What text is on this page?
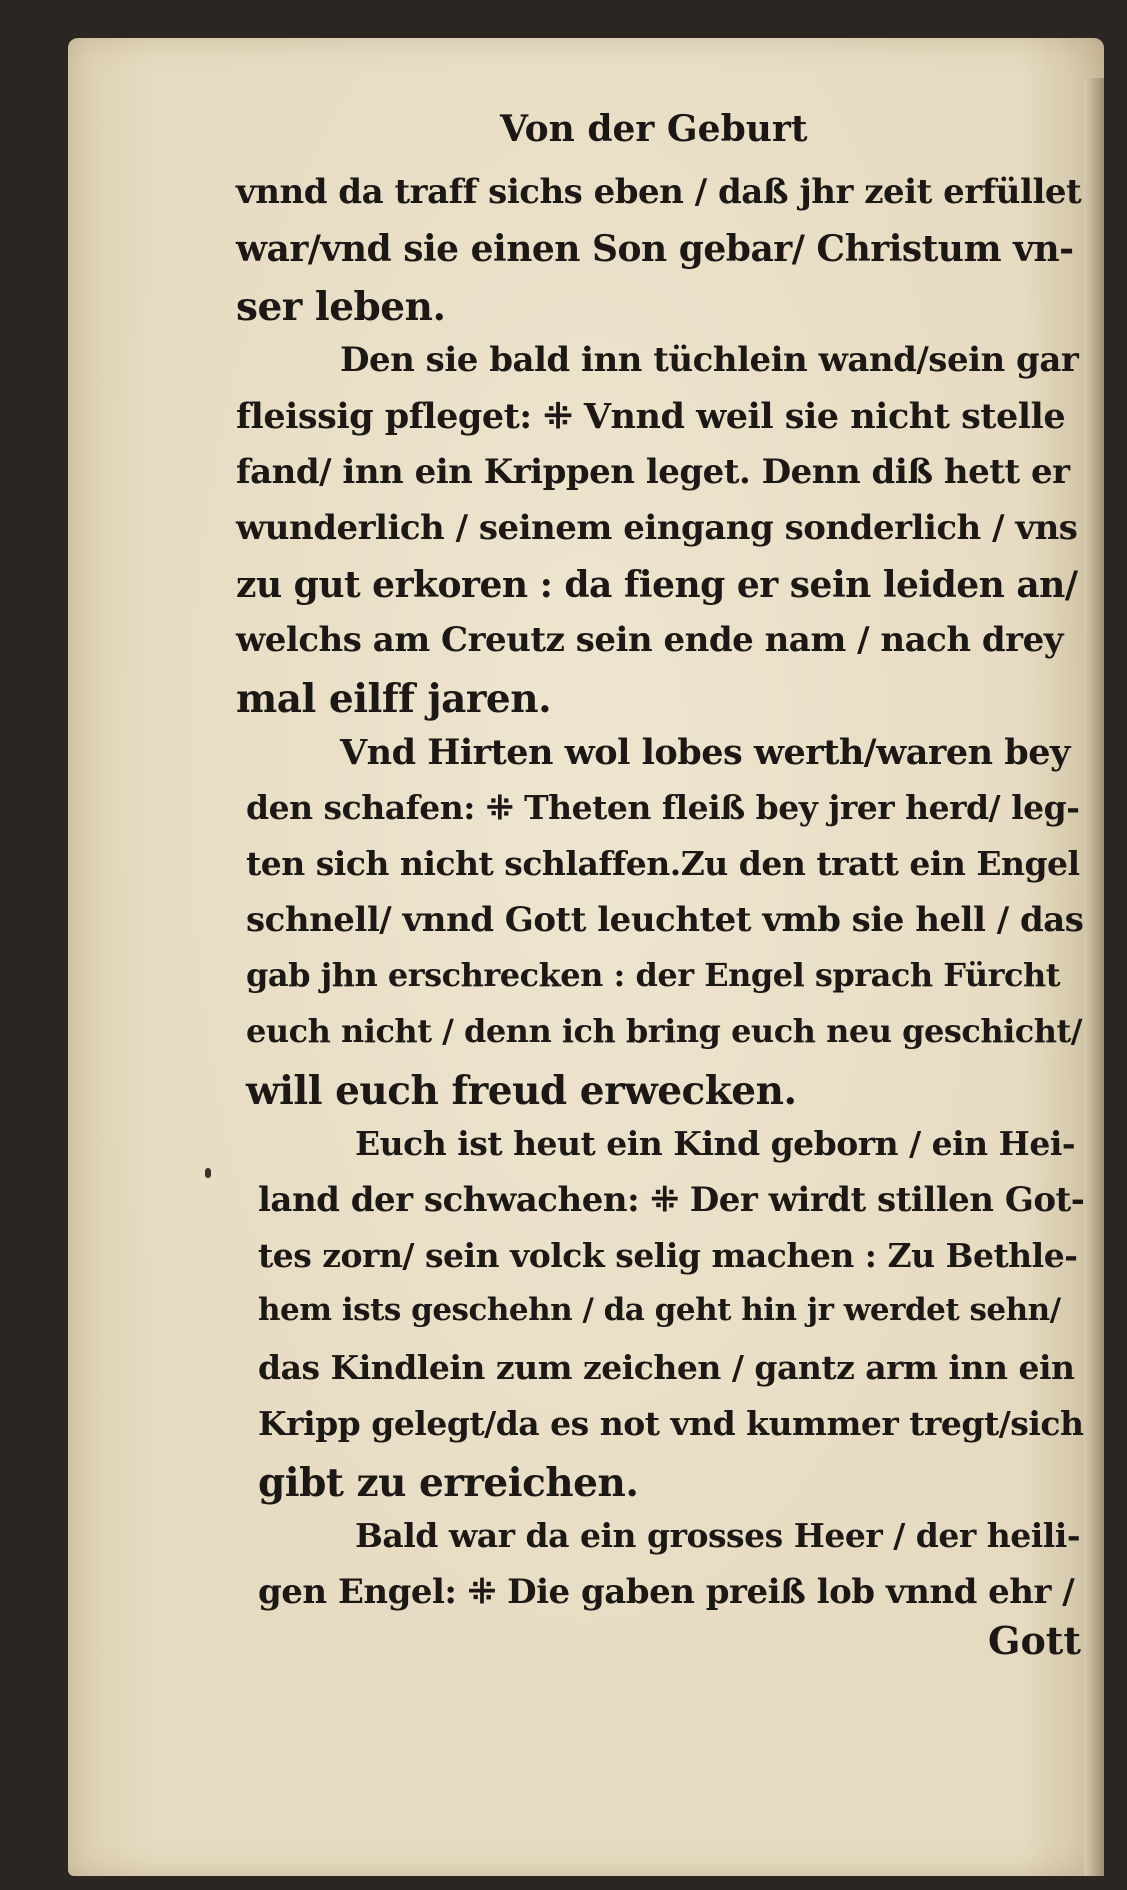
Von der Geburt
vnnd da traff sichs eben / daß jhr zeit erfüllet
war/vnd sie einen Son gebar/ Christum vn-
ser leben.
Den sie bald inn tüchlein wand/sein gar
fleissig pfleget: ⁜ Vnnd weil sie nicht stelle
fand/ inn ein Krippen leget. Denn diß hett er
wunderlich / seinem eingang sonderlich / vns
zu gut erkoren : da fieng er sein leiden an/
welchs am Creutz sein ende nam / nach drey
mal eilff jaren.
Vnd Hirten wol lobes werth/waren bey
den schafen: ⁜ Theten fleiß bey jrer herd/ leg-
ten sich nicht schlaffen.Zu den tratt ein Engel
schnell/ vnnd Gott leuchtet vmb sie hell / das
gab jhn erschrecken : der Engel sprach Fürcht
euch nicht / denn ich bring euch neu geschicht/
will euch freud erwecken.
Euch ist heut ein Kind geborn / ein Hei-
land der schwachen: ⁜ Der wirdt stillen Got-
tes zorn/ sein volck selig machen : Zu Bethle-
hem ists geschehn / da geht hin jr werdet sehn/
das Kindlein zum zeichen / gantz arm inn ein
Kripp gelegt/da es not vnd kummer tregt/sich
gibt zu erreichen.
Bald war da ein grosses Heer / der heili-
gen Engel: ⁜ Die gaben preiß lob vnnd ehr /
Gott
